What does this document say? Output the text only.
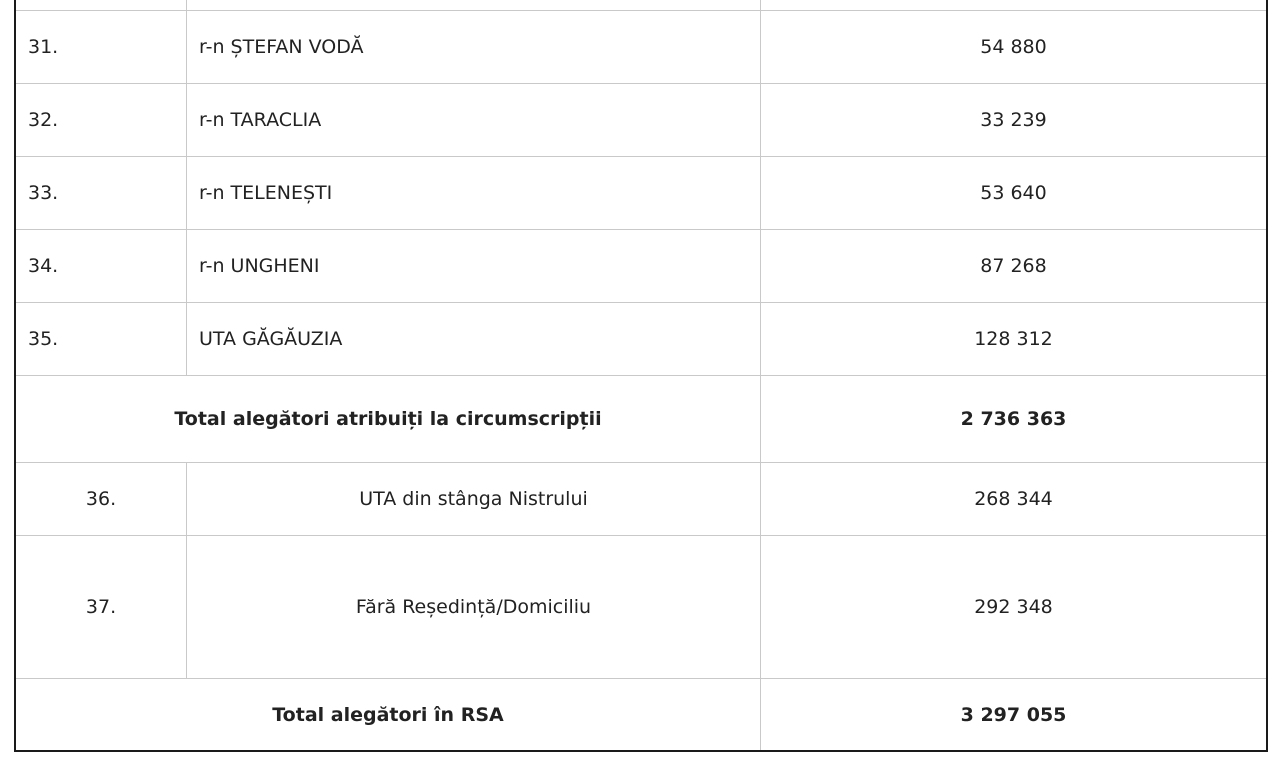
31.	r-n ȘTEFAN VODĂ	54 880
32.	r-n TARACLIA	33 239
33.	r-n TELENEȘTI	53 640
34.	r-n UNGHENI	87 268
35.	UTA GĂGĂUZIA	128 312
Total alegători atribuiți la circumscripții		2 736 363
36.	UTA din stânga Nistrului	268 344
37.	Fără Reședință/Domiciliu	292 348
Total alegători în RSA		3 297 055
